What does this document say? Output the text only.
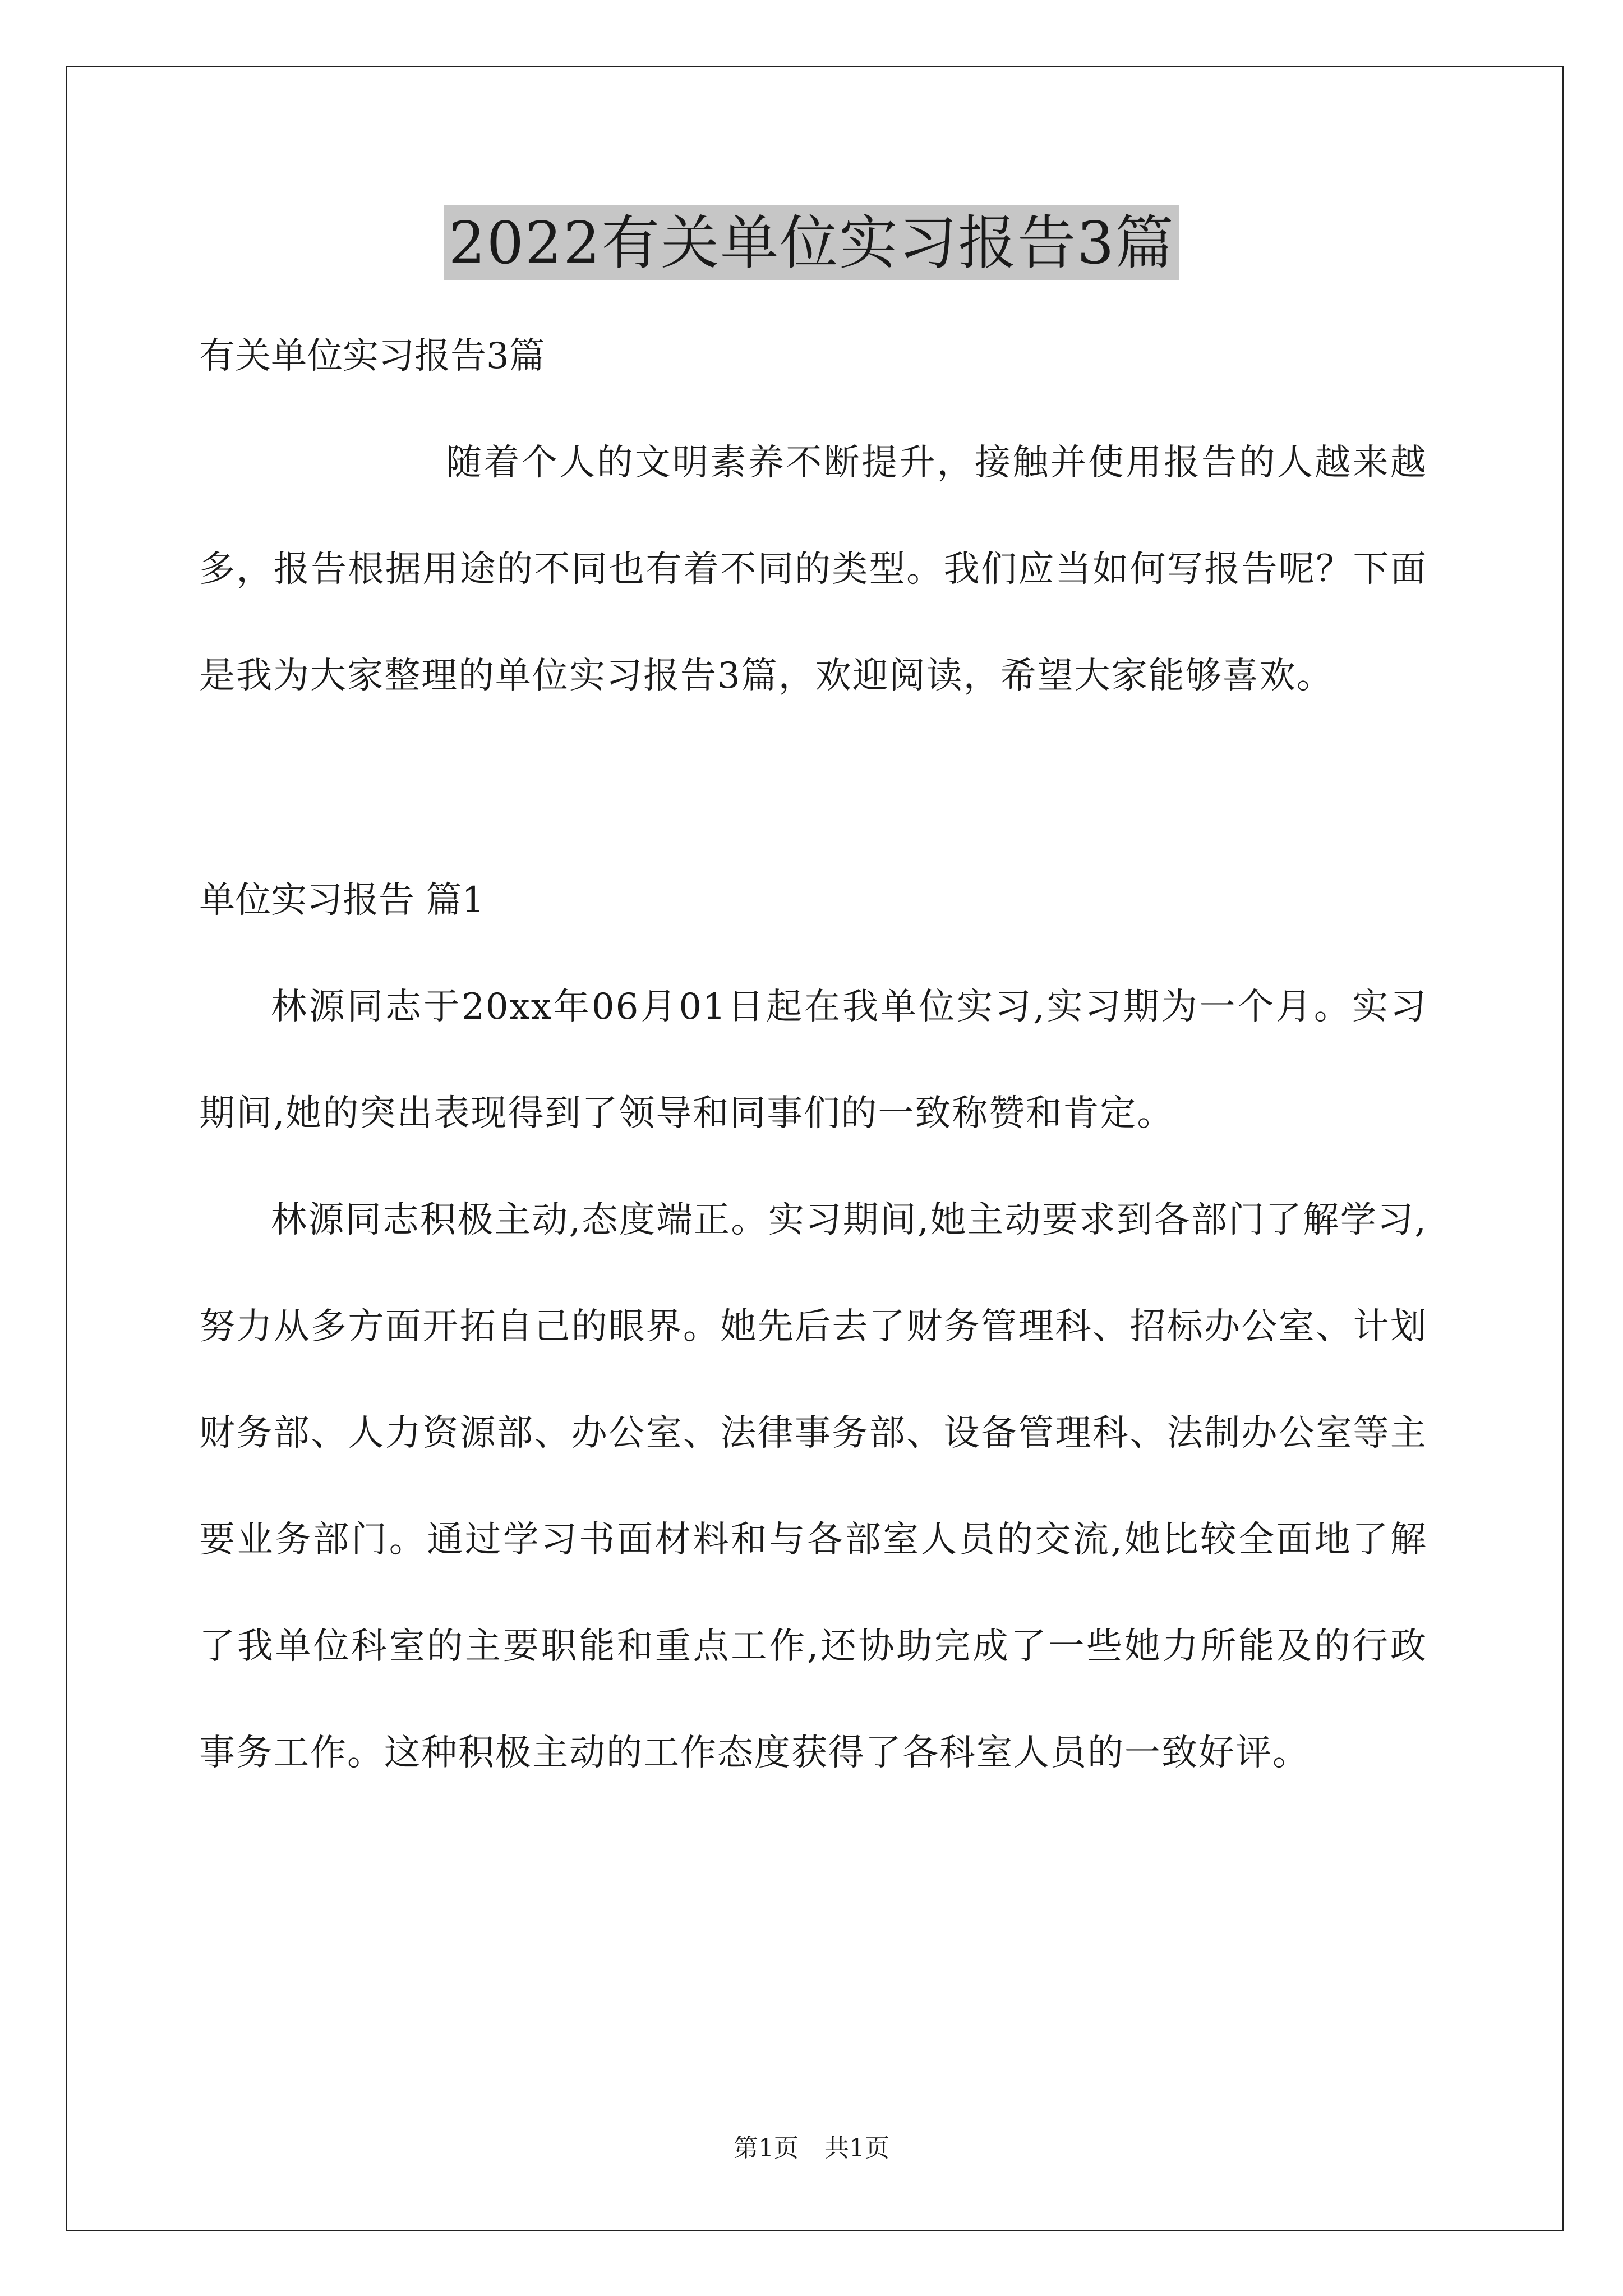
2022有关单位实习报告3篇

有关单位实习报告3篇

随着个人的文明素养不断提升，接触并使用报告的人越来越多，报告根据用途的不同也有着不同的类型。我们应当如何写报告呢？下面是我为大家整理的单位实习报告3篇，欢迎阅读，希望大家能够喜欢。

单位实习报告 篇1

林源同志于20xx年06月01日起在我单位实习,实习期为一个月。实习期间,她的突出表现得到了领导和同事们的一致称赞和肯定。

林源同志积极主动,态度端正。实习期间,她主动要求到各部门了解学习,努力从多方面开拓自己的眼界。她先后去了财务管理科、招标办公室、计划财务部、人力资源部、办公室、法律事务部、设备管理科、法制办公室等主要业务部门。通过学习书面材料和与各部室人员的交流,她比较全面地了解了我单位科室的主要职能和重点工作,还协助完成了一些她力所能及的行政事务工作。这种积极主动的工作态度获得了各科室人员的一致好评。

第1页 共1页
